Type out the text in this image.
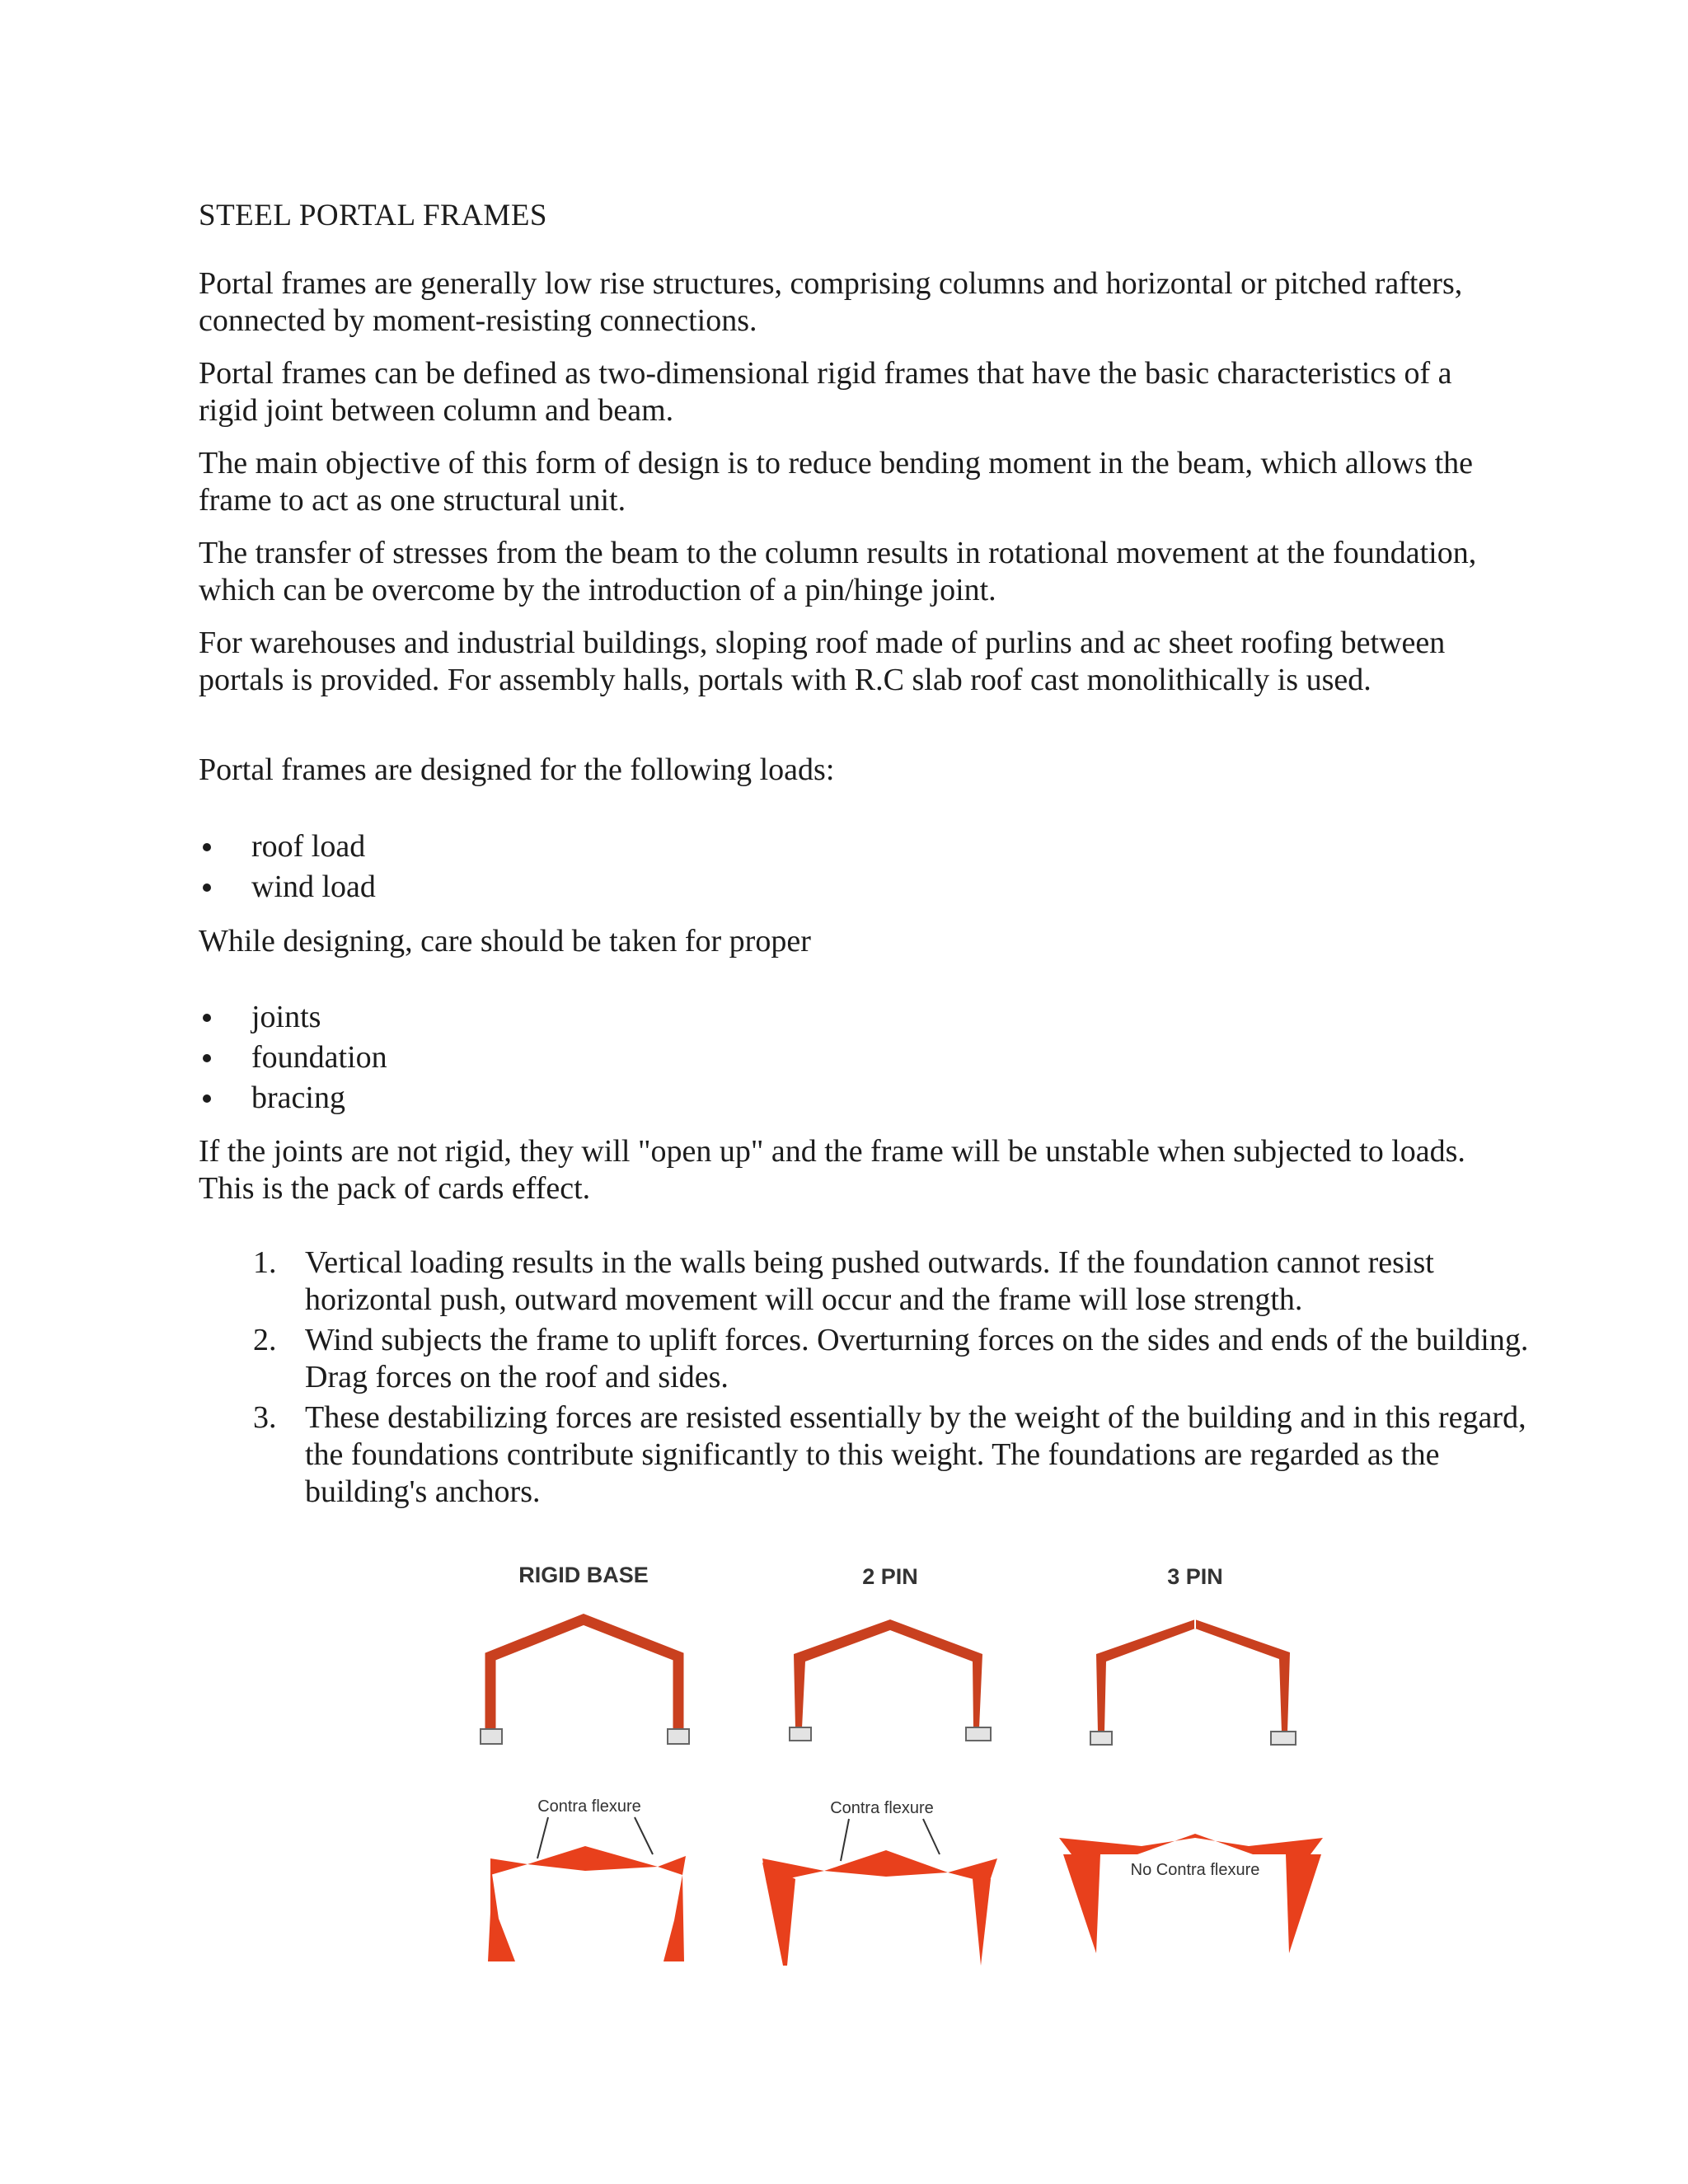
STEEL PORTAL FRAMES

Portal frames are generally low rise structures, comprising columns and horizontal or pitched rafters, connected by moment-resisting connections.

Portal frames can be defined as two-dimensional rigid frames that have the basic characteristics of a rigid joint between column and beam.

The main objective of this form of design is to reduce bending moment in the beam, which allows the frame to act as one structural unit.

The transfer of stresses from the beam to the column results in rotational movement at the foundation, which can be overcome by the introduction of a pin/hinge joint.

For warehouses and industrial buildings, sloping roof made of purlins and ac sheet roofing between portals is provided. For assembly halls, portals with R.C slab roof cast monolithically is used.

Portal frames are designed for the following loads:

roof load
wind load

While designing, care should be taken for proper

joints
foundation
bracing

If the joints are not rigid, they will "open up" and the frame will be unstable when subjected to loads. This is the pack of cards effect.

1. Vertical loading results in the walls being pushed outwards. If the foundation cannot resist horizontal push, outward movement will occur and the frame will lose strength.
2. Wind subjects the frame to uplift forces. Overturning forces on the sides and ends of the building. Drag forces on the roof and sides.
3. These destabilizing forces are resisted essentially by the weight of the building and in this regard, the foundations contribute significantly to this weight. The foundations are regarded as the building's anchors.
RIGID BASE	2 PIN	3 PIN
Contra flexure	Contra flexure
No Contra flexure
